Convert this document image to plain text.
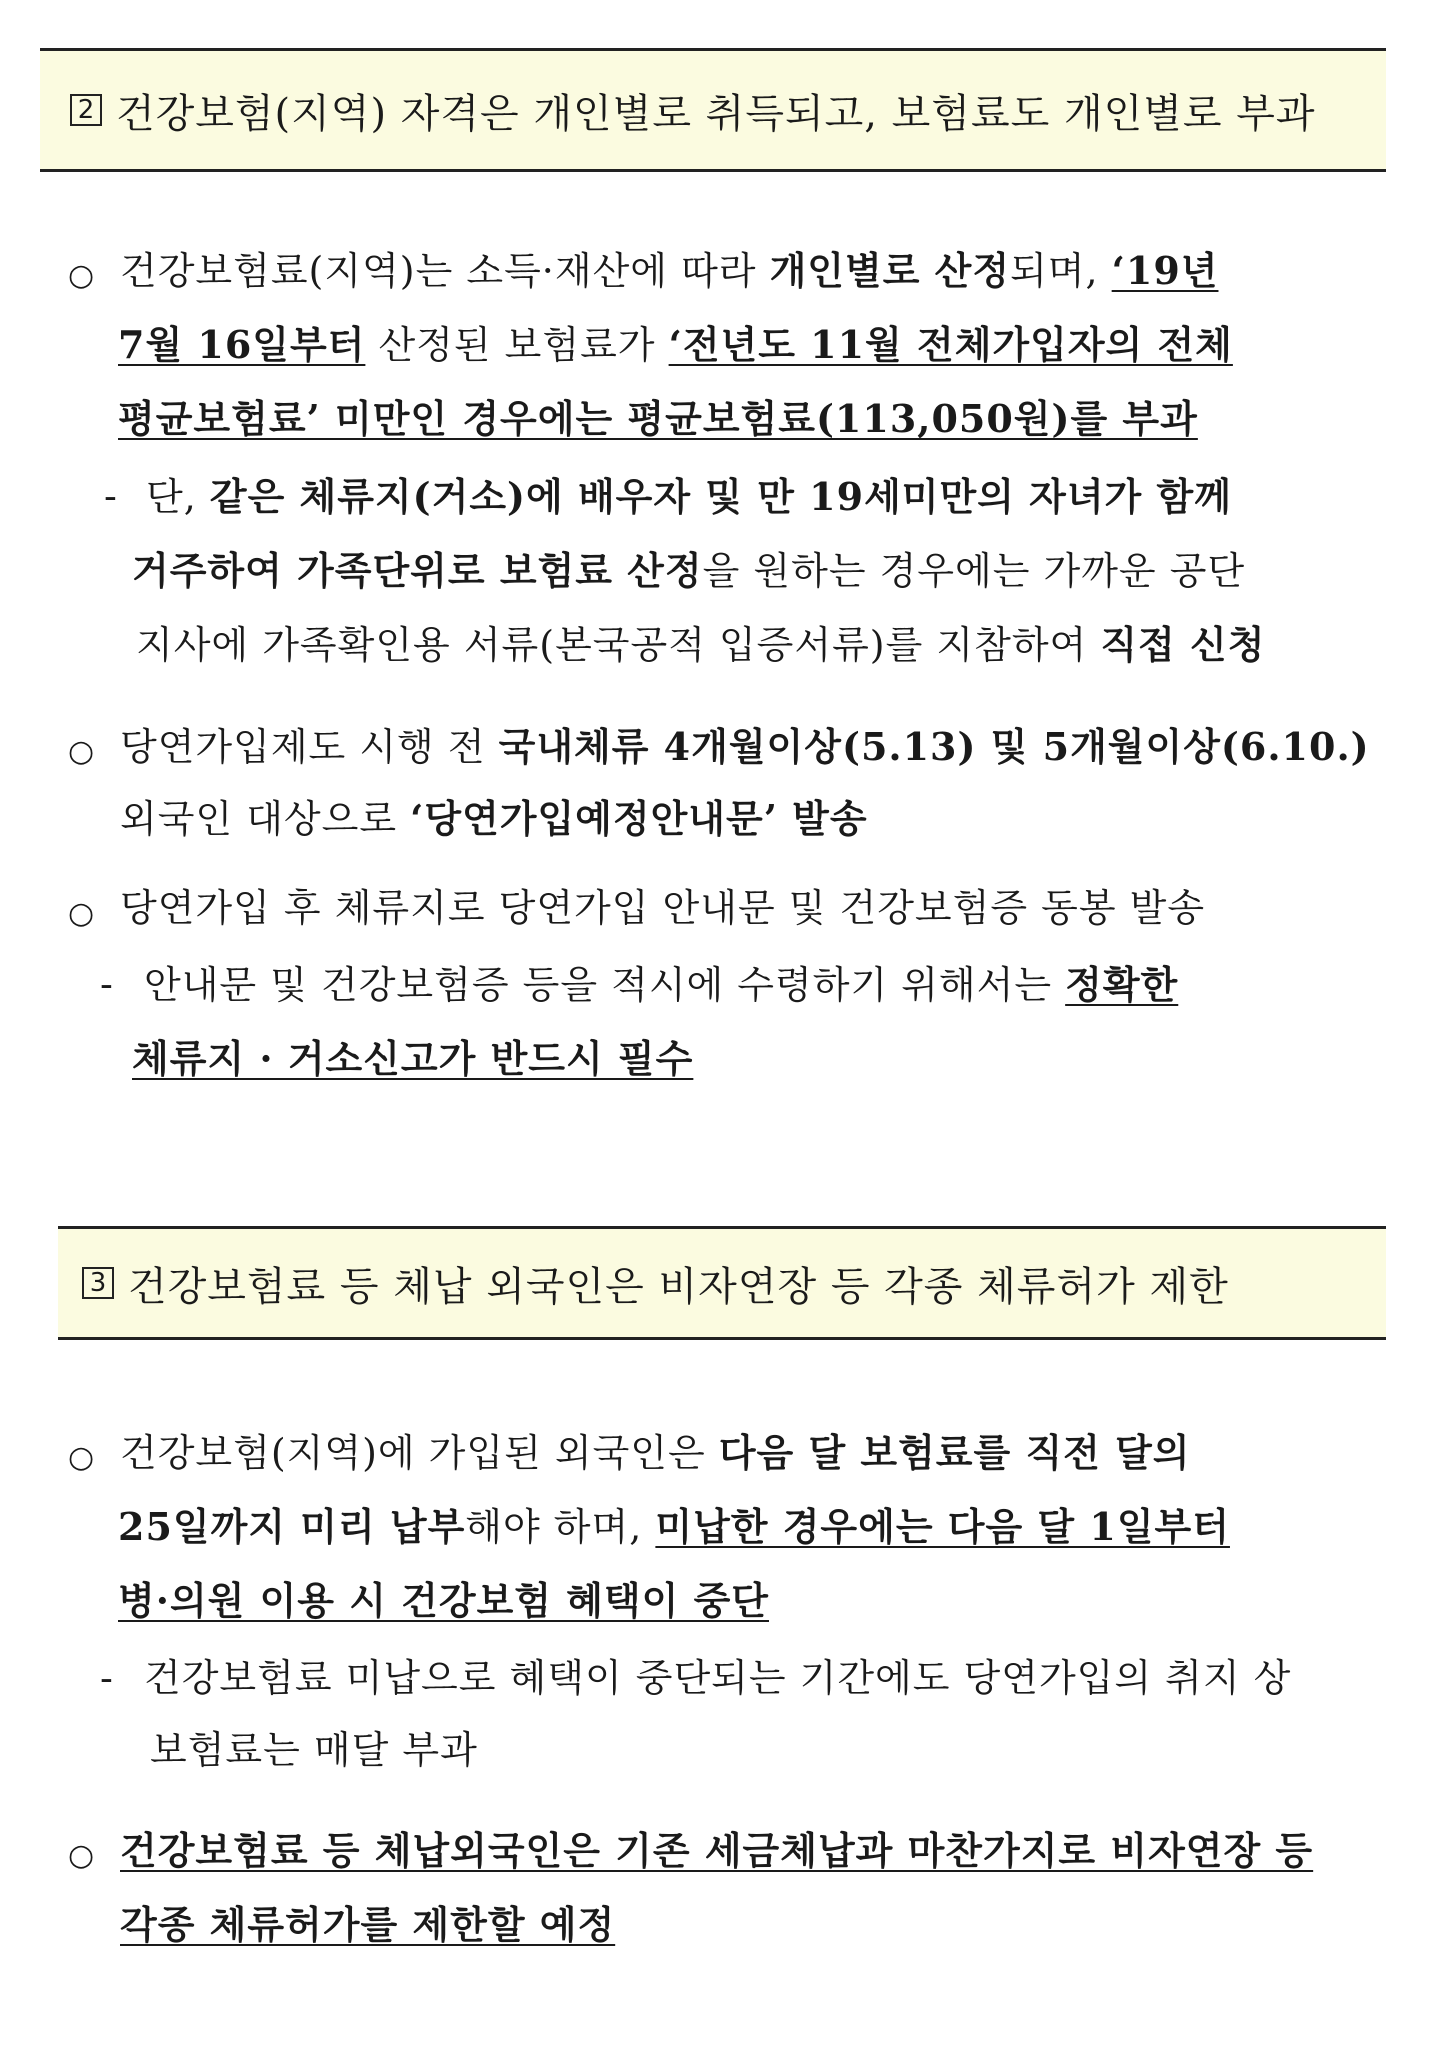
2 건강보험(지역) 자격은 개인별로 취득되고, 보험료도 개인별로 부과
○ 건강보험료(지역)는 소득·재산에 따라 개인별로 산정되며, ‘19년
7월 16일부터 산정된 보험료가 ‘전년도 11월 전체가입자의 전체
평균보험료’ 미만인 경우에는 평균보험료(113,050원)를 부과
- 단, 같은 체류지(거소)에 배우자 및 만 19세미만의 자녀가 함께
거주하여 가족단위로 보험료 산정을 원하는 경우에는 가까운 공단
지사에 가족확인용 서류(본국공적 입증서류)를 지참하여 직접 신청
○ 당연가입제도 시행 전 국내체류 4개월이상(5.13) 및 5개월이상(6.10.)
외국인 대상으로 ‘당연가입예정안내문’ 발송
○ 당연가입 후 체류지로 당연가입 안내문 및 건강보험증 동봉 발송
- 안내문 및 건강보험증 등을 적시에 수령하기 위해서는 정확한
체류지 · 거소신고가 반드시 필수
3 건강보험료 등 체납 외국인은 비자연장 등 각종 체류허가 제한
○ 건강보험(지역)에 가입된 외국인은 다음 달 보험료를 직전 달의
25일까지 미리 납부해야 하며, 미납한 경우에는 다음 달 1일부터
병·의원 이용 시 건강보험 혜택이 중단
- 건강보험료 미납으로 혜택이 중단되는 기간에도 당연가입의 취지 상
보험료는 매달 부과
○ 건강보험료 등 체납외국인은 기존 세금체납과 마찬가지로 비자연장 등
각종 체류허가를 제한할 예정
